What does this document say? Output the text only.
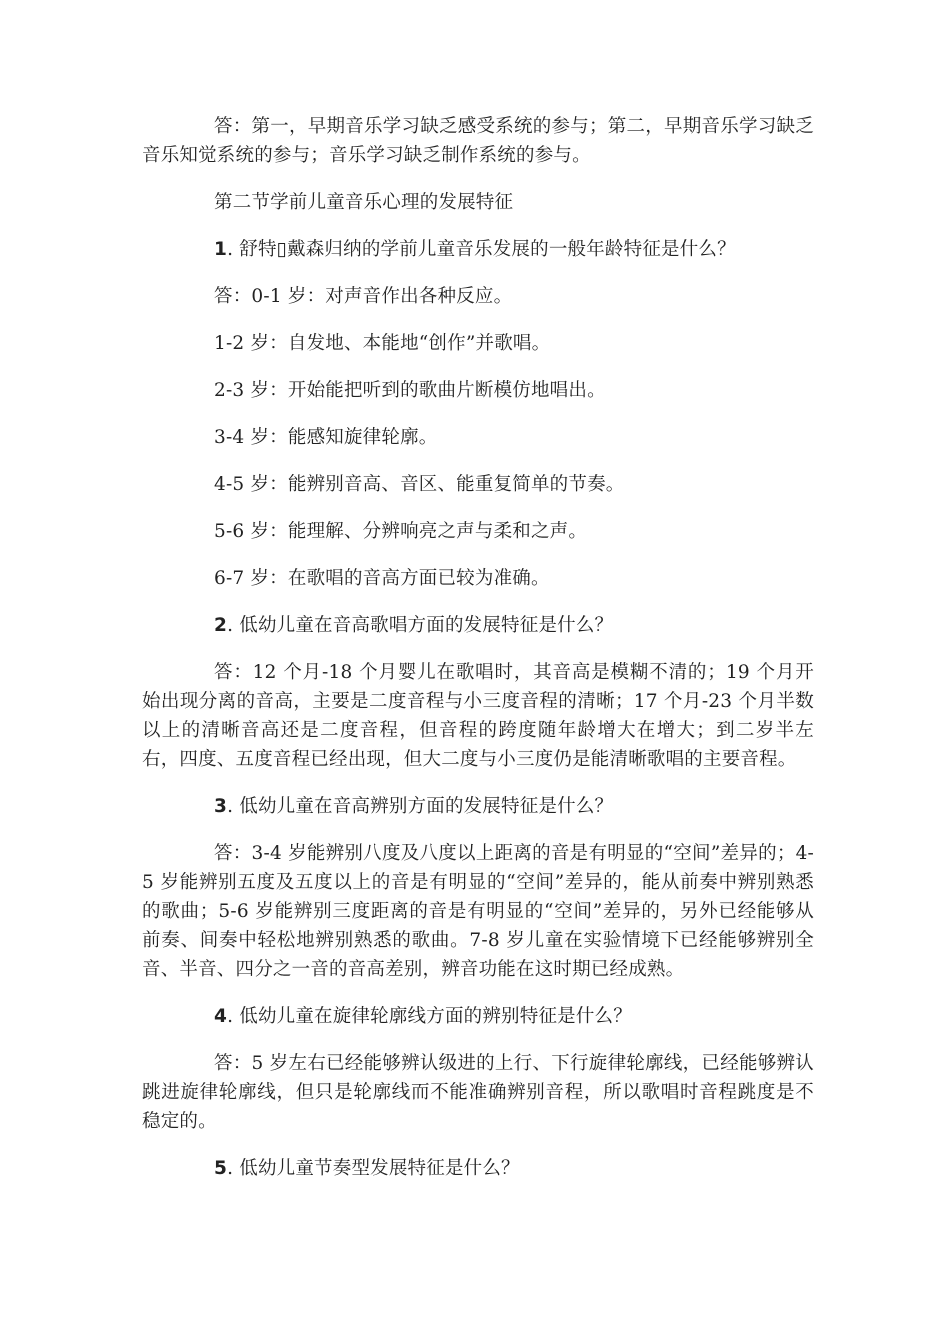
答：第一，早期音乐学习缺乏感受系统的参与；第二，早期音乐学习缺乏音乐知觉系统的参与；音乐学习缺乏制作系统的参与。

第二节学前儿童音乐心理的发展特征

1. 舒特▯戴森归纳的学前儿童音乐发展的一般年龄特征是什么？

答：0-1 岁：对声音作出各种反应。

1-2 岁：自发地、本能地“创作”并歌唱。

2-3 岁：开始能把听到的歌曲片断模仿地唱出。

3-4 岁：能感知旋律轮廓。

4-5 岁：能辨别音高、音区、能重复简单的节奏。

5-6 岁：能理解、分辨响亮之声与柔和之声。

6-7 岁：在歌唱的音高方面已较为准确。

2. 低幼儿童在音高歌唱方面的发展特征是什么？

答：12 个月-18 个月婴儿在歌唱时，其音高是模糊不清的；19 个月开始出现分离的音高，主要是二度音程与小三度音程的清晰；17 个月-23 个月半数以上的清晰音高还是二度音程，但音程的跨度随年龄增大在增大；到二岁半左右，四度、五度音程已经出现，但大二度与小三度仍是能清晰歌唱的主要音程。

3. 低幼儿童在音高辨别方面的发展特征是什么？

答：3-4 岁能辨别八度及八度以上距离的音是有明显的“空间”差异的；4-5 岁能辨别五度及五度以上的音是有明显的“空间”差异的，能从前奏中辨别熟悉的歌曲；5-6 岁能辨别三度距离的音是有明显的“空间”差异的，另外已经能够从前奏、间奏中轻松地辨别熟悉的歌曲。7-8 岁儿童在实验情境下已经能够辨别全音、半音、四分之一音的音高差别，辨音功能在这时期已经成熟。

4. 低幼儿童在旋律轮廓线方面的辨别特征是什么？

答：5 岁左右已经能够辨认级进的上行、下行旋律轮廓线，已经能够辨认跳进旋律轮廓线，但只是轮廓线而不能准确辨别音程，所以歌唱时音程跳度是不稳定的。

5. 低幼儿童节奏型发展特征是什么？
